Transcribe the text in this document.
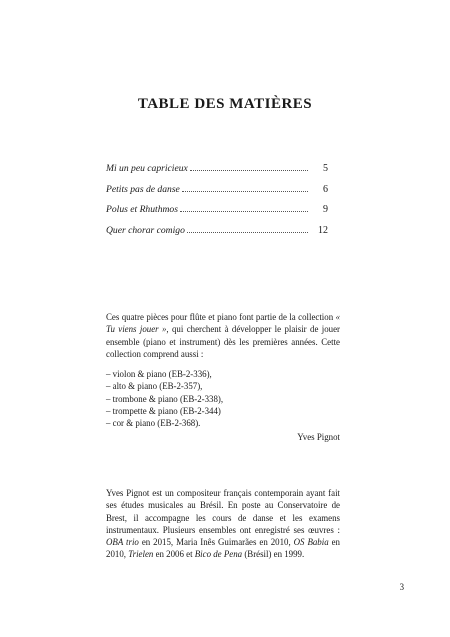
TABLE DES MATIÈRES
Mi un peu capricieux	5
Petits pas de danse	6
Polus et Rhuthmos	9
Quer chorar comigo	12
Ces quatre pièces pour flûte et piano font partie de la collection « Tu viens jouer », qui cherchent à développer le plaisir de jouer ensemble (piano et instrument) dès les premières années. Cette collection comprend aussi :
– violon & piano (EB-2-336),
– alto & piano (EB-2-357),
– trombone & piano (EB-2-338),
– trompette & piano (EB-2-344)
– cor & piano (EB-2-368).
Yves Pignot
Yves Pignot est un compositeur français contemporain ayant fait ses études musicales au Brésil. En poste au Conservatoire de Brest, il accompagne les cours de danse et les examens instrumentaux. Plusieurs ensembles ont enregistré ses œuvres : OBA trio en 2015, Maria Inês Guimarães en 2010, OS Babia en 2010, Trielen en 2006 et Bico de Pena (Brésil) en 1999.
3
